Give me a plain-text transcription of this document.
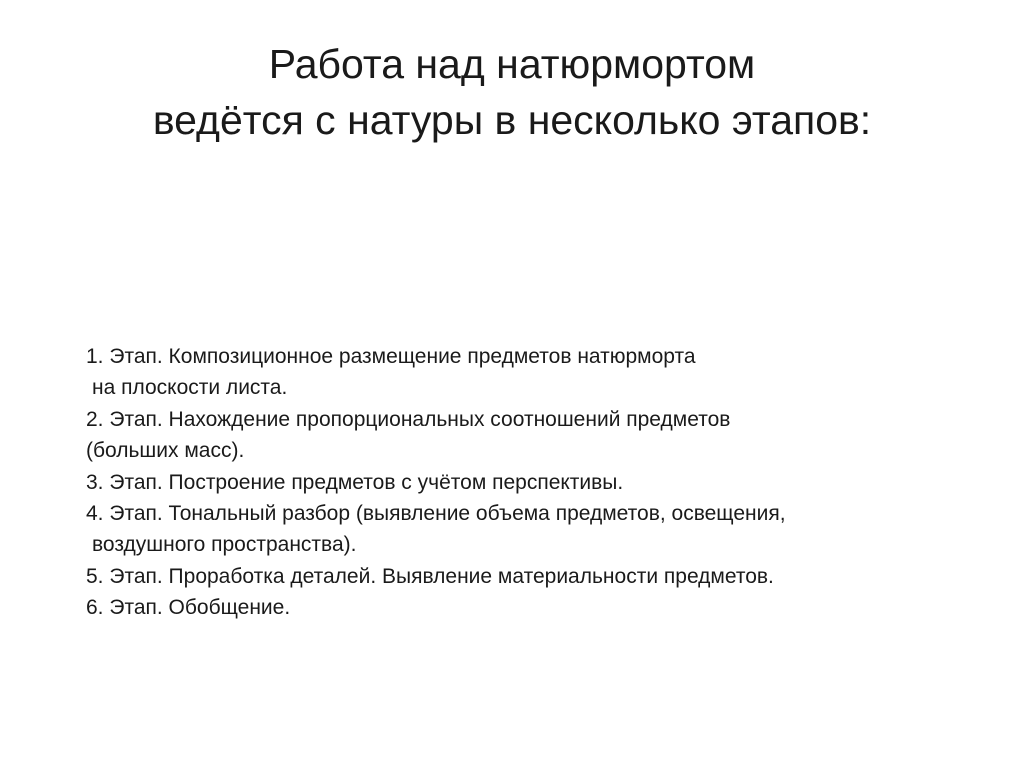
Работа над натюрмортом
ведётся с натуры в несколько этапов:
1. Этап. Композиционное размещение предметов натюрморта
на плоскости листа.
2. Этап. Нахождение пропорциональных соотношений предметов
(больших масс).
3. Этап. Построение предметов с учётом перспективы.
4. Этап. Тональный разбор (выявление объема предметов, освещения,
воздушного пространства).
5. Этап. Проработка деталей. Выявление материальности предметов.
6. Этап. Обобщение.
